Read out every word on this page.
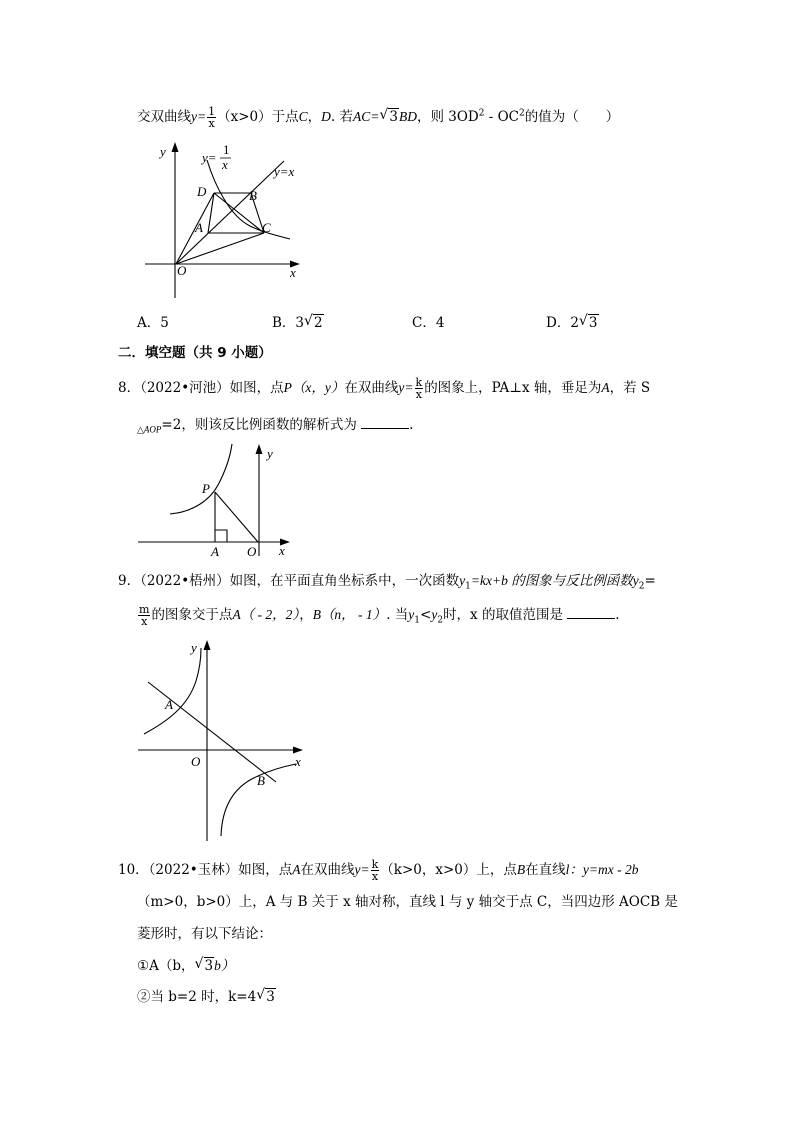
交双曲线$y= \frac{1}{x} (x>0)$于点C，D. 若AC= √ 3BD，则 $3OD^2 - OC^2$的值为（　　）
y
x
y=
1
x	y=x
D	B
A	C
O
A．5	B．3 √ 2	C．4	D．2 √ 3
二．填空题（共 9 小题）
8．（2022•河池）如图，点P（x，y）在双曲线$y= \frac{k}{x}$ 的图象上，PA⊥x 轴，垂足为A，若 S
$_{\triangle AOP}$=2，则该反比例函数的解析式为	.
y
x
P
A O
9．（2022•梧州）如图，在平面直角坐标系中，一次函数$y_1=kx+b$ 的图象与反比例函数$y_2=$
$\frac{m}{x}$ 的图象交于点A（ - 2，2），B（n， - 1）. 当$y_1<y_2$时，x 的取值范围是	.
y
x
A
B
O
10．（2022•玉林）如图，点A在双曲线$y= \frac{k}{x} (k>0$，x>0）上，点B在直线l：y=mx - 2b
（m>0，b>0）上，A 与 B 关于 x 轴对称，直线 l 与 y 轴交于点 C，当四边形 AOCB 是
菱形时，有以下结论：
①A（b， √ 3b）
②当 b=2 时，k=4 √ 3
